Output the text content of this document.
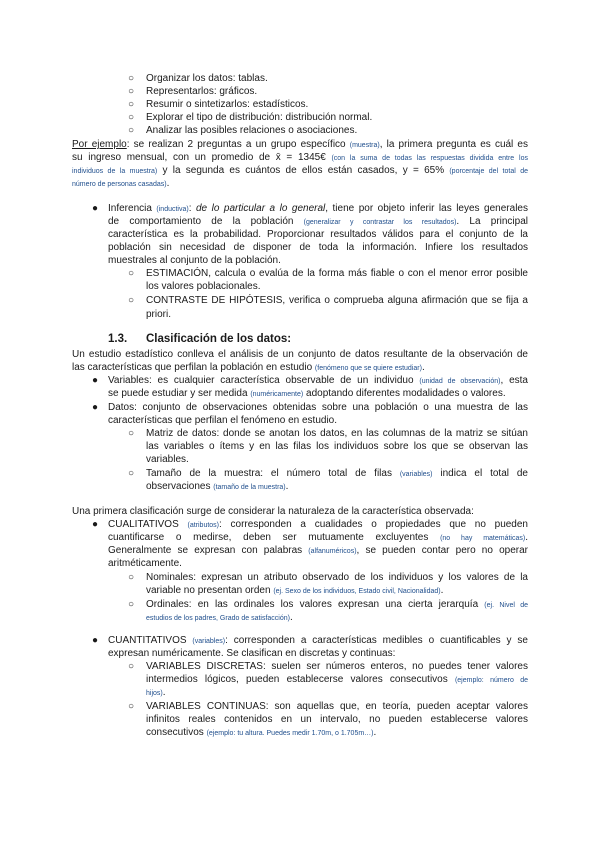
○ Organizar los datos: tablas.
○ Representarlos: gráficos.
○ Resumir o sintetizarlos: estadísticos.
○ Explorar el tipo de distribución: distribución normal.
○ Analizar las posibles relaciones o asociaciones.
Por ejemplo: se realizan 2 preguntas a un grupo específico (muestra), la primera pregunta es cuál es
su ingreso mensual, con un promedio de x̄ = 1345€ (con la suma de todas las respuestas dividida entre los
individuos de la muestra) y la segunda es cuántos de ellos están casados, y = 65% (porcentaje del total de
número de personas casadas).
● Inferencia (inductiva): de lo particular a lo general, tiene por objeto inferir las leyes generales
de comportamiento de la población (generalizar y contrastar los resultados). La principal
característica es la probabilidad. Proporcionar resultados válidos para el conjunto de la
población sin necesidad de disponer de toda la información. Infiere los resultados
muestrales al conjunto de la población.
○ ESTIMACIÓN, calcula o evalúa de la forma más fiable o con el menor error posible
los valores poblacionales.
○ CONTRASTE DE HIPÓTESIS, verifica o comprueba alguna afirmación que se fija a
priori.
1.3. Clasificación de los datos:
Un estudio estadístico conlleva el análisis de un conjunto de datos resultante de la observación de
las características que perfilan la población en estudio (fenómeno que se quiere estudiar).
● Variables: es cualquier característica observable de un individuo (unidad de observación), esta
se puede estudiar y ser medida (numéricamente) adoptando diferentes modalidades o valores.
● Datos: conjunto de observaciones obtenidas sobre una población o una muestra de las
características que perfilan el fenómeno en estudio.
○ Matriz de datos: donde se anotan los datos, en las columnas de la matriz se sitúan
las variables o ítems y en las filas los individuos sobre los que se observan las
variables.
○ Tamaño de la muestra: el número total de filas (variables) indica el total de
observaciones (tamaño de la muestra).
Una primera clasificación surge de considerar la naturaleza de la característica observada:
● CUALITATIVOS (atributos): corresponden a cualidades o propiedades que no pueden
cuantificarse o medirse, deben ser mutuamente excluyentes (no hay matemáticas).
Generalmente se expresan con palabras (alfanuméricos), se pueden contar pero no operar
aritméticamente.
○ Nominales: expresan un atributo observado de los individuos y los valores de la
variable no presentan orden (ej. Sexo de los individuos, Estado civil, Nacionalidad).
○ Ordinales: en las ordinales los valores expresan una cierta jerarquía (ej. Nivel de
estudios de los padres, Grado de satisfacción).
● CUANTITATIVOS (variables): corresponden a características medibles o cuantificables y se
expresan numéricamente. Se clasifican en discretas y continuas:
○ VARIABLES DISCRETAS: suelen ser números enteros, no puedes tener valores
intermedios lógicos, pueden establecerse valores consecutivos (ejemplo: número de
hijos).
○ VARIABLES CONTINUAS: son aquellas que, en teoría, pueden aceptar valores
infinitos reales contenidos en un intervalo, no pueden establecerse valores
consecutivos (ejemplo: tu altura. Puedes medir 1.70m, o 1.705m…).
